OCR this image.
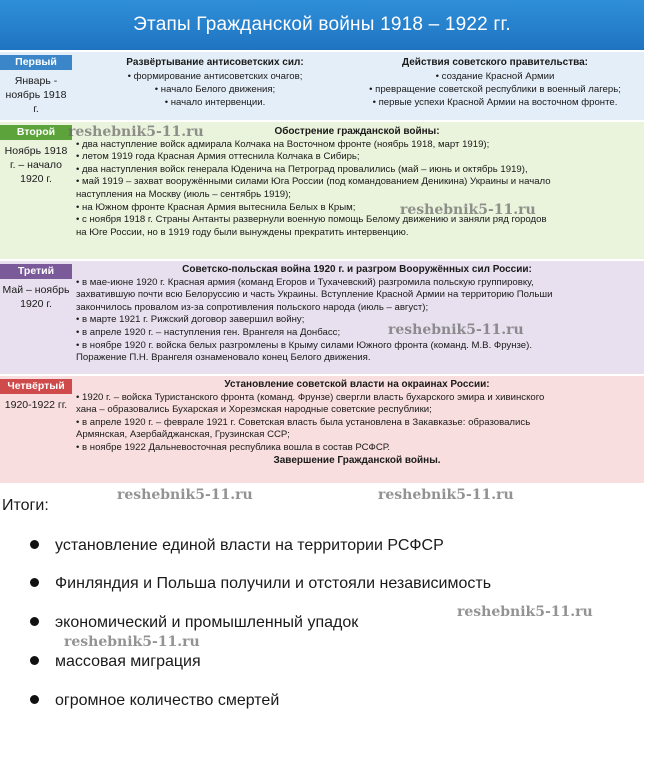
Этапы Гражданской войны 1918 – 1922 гг.
Первый
Январь -
ноябрь 1918 г.
Развёртывание антисоветских сил:
• формирование антисоветских очагов;
• начало Белого движения;
• начало интервенции.
Действия советского правительства:
• создание Красной Армии
• превращение советской республики в военный лагерь;
• первые успехи Красной Армии на восточном фронте.
Второй
Ноябрь 1918
г. – начало
1920 г.
Обострение гражданской войны:
• два наступление войск адмирала Колчака на Восточном фронте (ноябрь 1918, март 1919);
• летом 1919 года Красная Армия оттеснила Колчака в Сибирь;
• два наступления войск генерала Юденича на Петроград провалились (май – июнь и октябрь 1919),
• май 1919 – захват вооружёнными силами Юга России (под командованием Деникина) Украины и начало
наступления на Москву (июль – сентябрь 1919);
• на Южном фронте Красная Армия вытеснила Белых в Крым;
• с ноября 1918 г. Страны Антанты развернули военную помощь Белому движению и заняли ряд городов
на Юге России, но в 1919 году были вынуждены прекратить интервенцию.
Третий
Май – ноябрь
1920 г.
Советско-польская война 1920 г. и разгром Вооружённых сил России:
• в мае-июне 1920 г. Красная армия (команд Егоров и Тухачевский) разгромила польскую группировку,
захватившую почти всю Белоруссию и часть Украины. Вступление Красной Армии на территорию Польши
закончилось провалом из-за сопротивления польского народа (июль – август);
• в марте 1921 г. Рижский договор завершил войну;
• в апреле 1920 г. – наступления ген. Врангеля на Донбасс;
• в ноябре 1920 г. войска белых разгромлены в Крыму силами Южного фронта (команд. М.В. Фрунзе).
Поражение П.Н. Врангеля ознаменовало конец Белого движения.
Четвёртый
1920-1922 гг.
Установление советской власти на окраинах России:
• 1920 г. – войска Туристанского фронта (команд. Фрунзе) свергли власть бухарского эмира и хивинского
хана – образовались Бухарская и Хорезмская народные советские республики;
• в апреле 1920 г. – феврале 1921 г. Советская власть была установлена в Закавказье: образовались
Армянская, Азербайджанская, Грузинская ССР;
• в ноябре 1922 Дальневосточная республика вошла в состав РСФСР.
Завершение Гражданской войны.
reshebnik5-11.ru
reshebnik5-11.ru
reshebnik5-11.ru
Итоги:
reshebnik5-11.ru	reshebnik5-11.ru
установление единой власти на территории РСФСР
Финляндия и Польша получили и отстояли независимость
экономический и промышленный упадок
массовая миграция
огромное количество смертей
reshebnik5-11.ru
reshebnik5-11.ru
